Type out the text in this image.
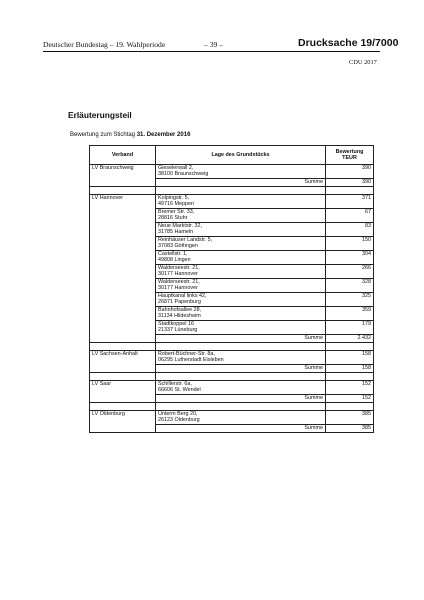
Deutscher Bundestag – 19. Wahlperiode	– 39 –	Drucksache 19/7000
CDU 2017
Erläuterungsteil
Bewertung zum Stichtag 31. Dezember 2016
Verband	Lage des Grundstücks	Bewertung
TEUR

LV Braunschweig	Gieselerwall 2,
38100 Braunschweig	390
	Summe	390

LV Hannover	Kolpingstr. 5,
49716 Meppen	371

	Bremer Str. 33,
28816 Stuhr	67

	Neue Marktstr. 32,
31785 Hameln	83

	Reinhäuser Landstr. 5,
37083 Göttingen	150

	Castellstr. 1,
49808 Lingen	304

	Walderseestr. 21,
30177 Hannover	266

	Walderseestr. 21,
30177 Hannover	328

	Hauptkanal links 42,
26871 Papenburg	325

	Bahnhofsallee 28,
31134 Hildesheim	359

	Stadtkoppel 16
21337 Lüneburg	179
	Summe	2.432

LV Sachsen-Anhalt	Robert-Büchner-Str. 8a,
06295 Lutherstadt Eisleben	158
	Summe	158

LV Saar	Schillerstr. 6a,
66606 St. Wendel	152
	Summe	152

LV Oldenburg	Unterm Berg 20,
26123 Oldenburg	385
	Summe	385
